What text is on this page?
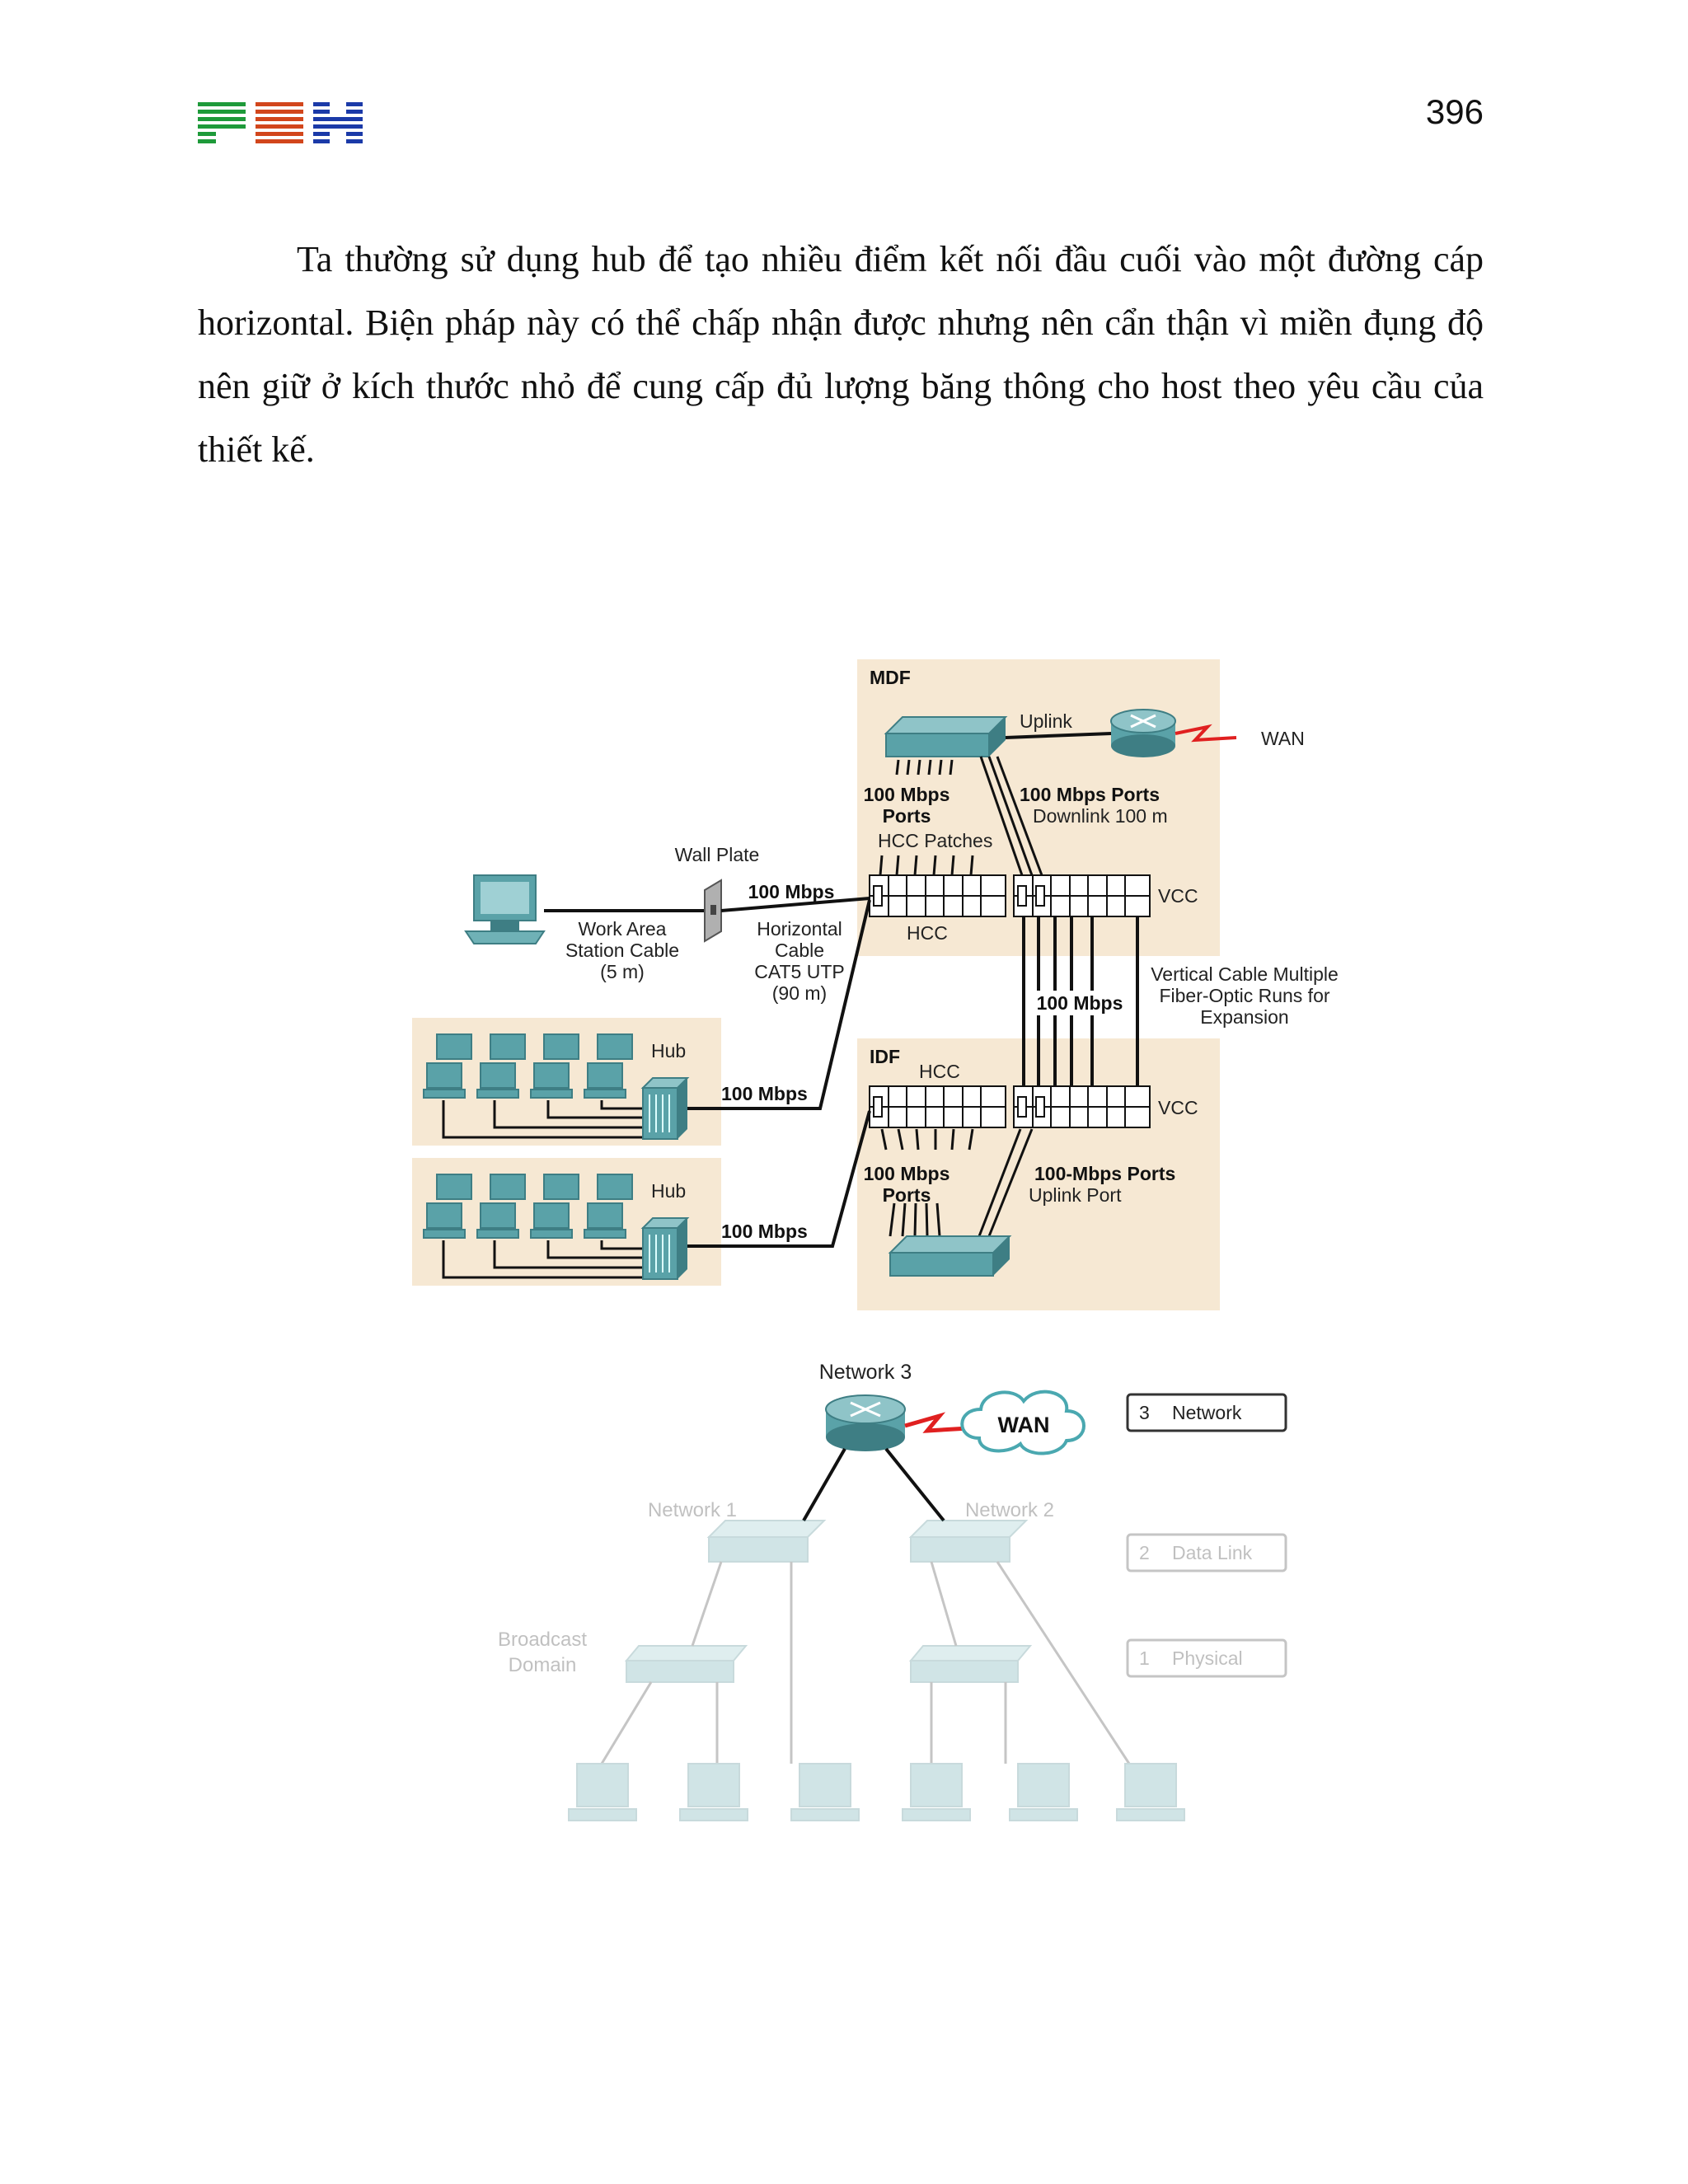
396

Ta thường sử dụng hub để tạo nhiều điểm kết nối đầu cuối vào một đường cáp horizontal. Biện pháp này có thể chấp nhận được nhưng nên cẩn thận vì miền đụng độ nên giữ ở kích thước nhỏ để cung cấp đủ lượng băng thông cho host theo yêu cầu của thiết kế.

MDF
IDF
Uplink
WAN
100 Mbps
Ports
100 Mbps Ports
Downlink 100 m
HCC Patches
HCC
VCC
100 Mbps
Vertical Cable Multiple
Fiber-Optic Runs for
Expansion
HCC
VCC
100 Mbps
Ports
100-Mbps Ports
Uplink Port
Wall Plate
100 Mbps
Work Area
Station Cable
(5 m)
Horizontal
Cable
CAT5 UTP
(90 m)
Hub
100 Mbps
Hub
100 Mbps
Network 3
WAN	3 Network
Network 1	Network 2
2 Data Link
1 Physical
Broadcast
Domain
